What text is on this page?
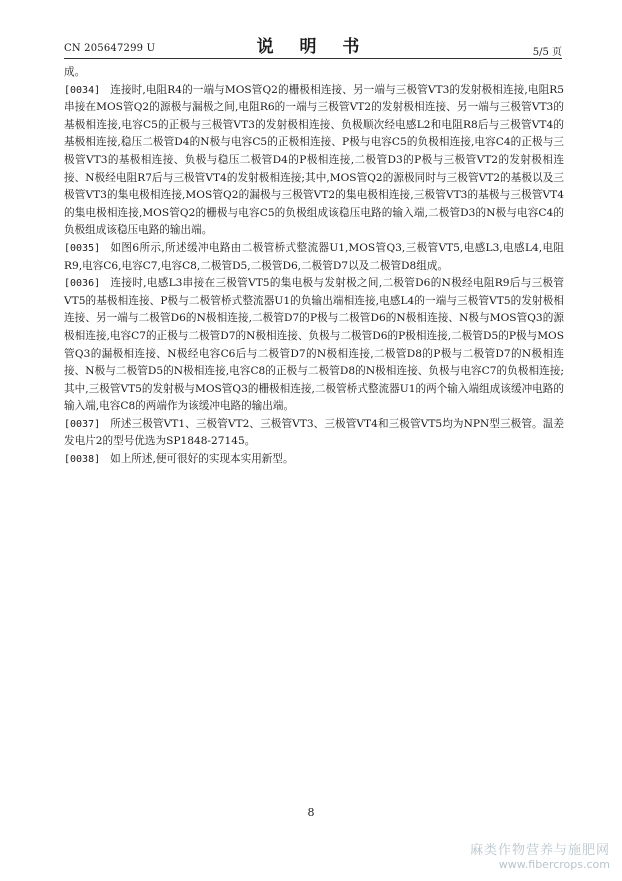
CN 205647299 U	说 明 书	5/5 页

成。

[0034] 连接时,电阻R4的一端与MOS管Q2的栅极相连接、另一端与三极管VT3的发射极相连接,电阻R5串接在MOS管Q2的源极与漏极之间,电阻R6的一端与三极管VT2的发射极相连接、另一端与三极管VT3的基极相连接,电容C5的正极与三极管VT3的发射极相连接、负极顺次经电感L2和电阻R8后与三极管VT4的基极相连接,稳压二极管D4的N极与电容C5的正极相连接、P极与电容C5的负极相连接,电容C4的正极与三极管VT3的基极相连接、负极与稳压二极管D4的P极相连接,二极管D3的P极与三极管VT2的发射极相连接、N极经电阻R7后与三极管VT4的发射极相连接;其中,MOS管Q2的源极同时与三极管VT2的基极以及三极管VT3的集电极相连接,MOS管Q2的漏极与三极管VT2的集电极相连接,三极管VT3的基极与三极管VT4的集电极相连接,MOS管Q2的栅极与电容C5的负极组成该稳压电路的输入端,二极管D3的N极与电容C4的负极组成该稳压电路的输出端。

[0035] 如图6所示,所述缓冲电路由二极管桥式整流器U1,MOS管Q3,三极管VT5,电感L3,电感L4,电阻R9,电容C6,电容C7,电容C8,二极管D5,二极管D6,二极管D7以及二极管D8组成。

[0036] 连接时,电感L3串接在三极管VT5的集电极与发射极之间,二极管D6的N极经电阻R9后与三极管VT5的基极相连接、P极与二极管桥式整流器U1的负输出端相连接,电感L4的一端与三极管VT5的发射极相连接、另一端与二极管D6的N极相连接,二极管D7的P极与二极管D6的N极相连接、N极与MOS管Q3的源极相连接,电容C7的正极与二极管D7的N极相连接、负极与二极管D6的P极相连接,二极管D5的P极与MOS管Q3的漏极相连接、N极经电容C6后与二极管D7的N极相连接,二极管D8的P极与二极管D7的N极相连接、N极与二极管D5的N极相连接,电容C8的正极与二极管D8的N极相连接、负极与电容C7的负极相连接;其中,三极管VT5的发射极与MOS管Q3的栅极相连接,二极管桥式整流器U1的两个输入端组成该缓冲电路的输入端,电容C8的两端作为该缓冲电路的输出端。

[0037] 所述三极管VT1、三极管VT2、三极管VT3、三极管VT4和三极管VT5均为NPN型三极管。温差发电片2的型号优选为SP1848-27145。

[0038] 如上所述,便可很好的实现本实用新型。

8
麻类作物营养与施肥网
www.fibercrops.com
